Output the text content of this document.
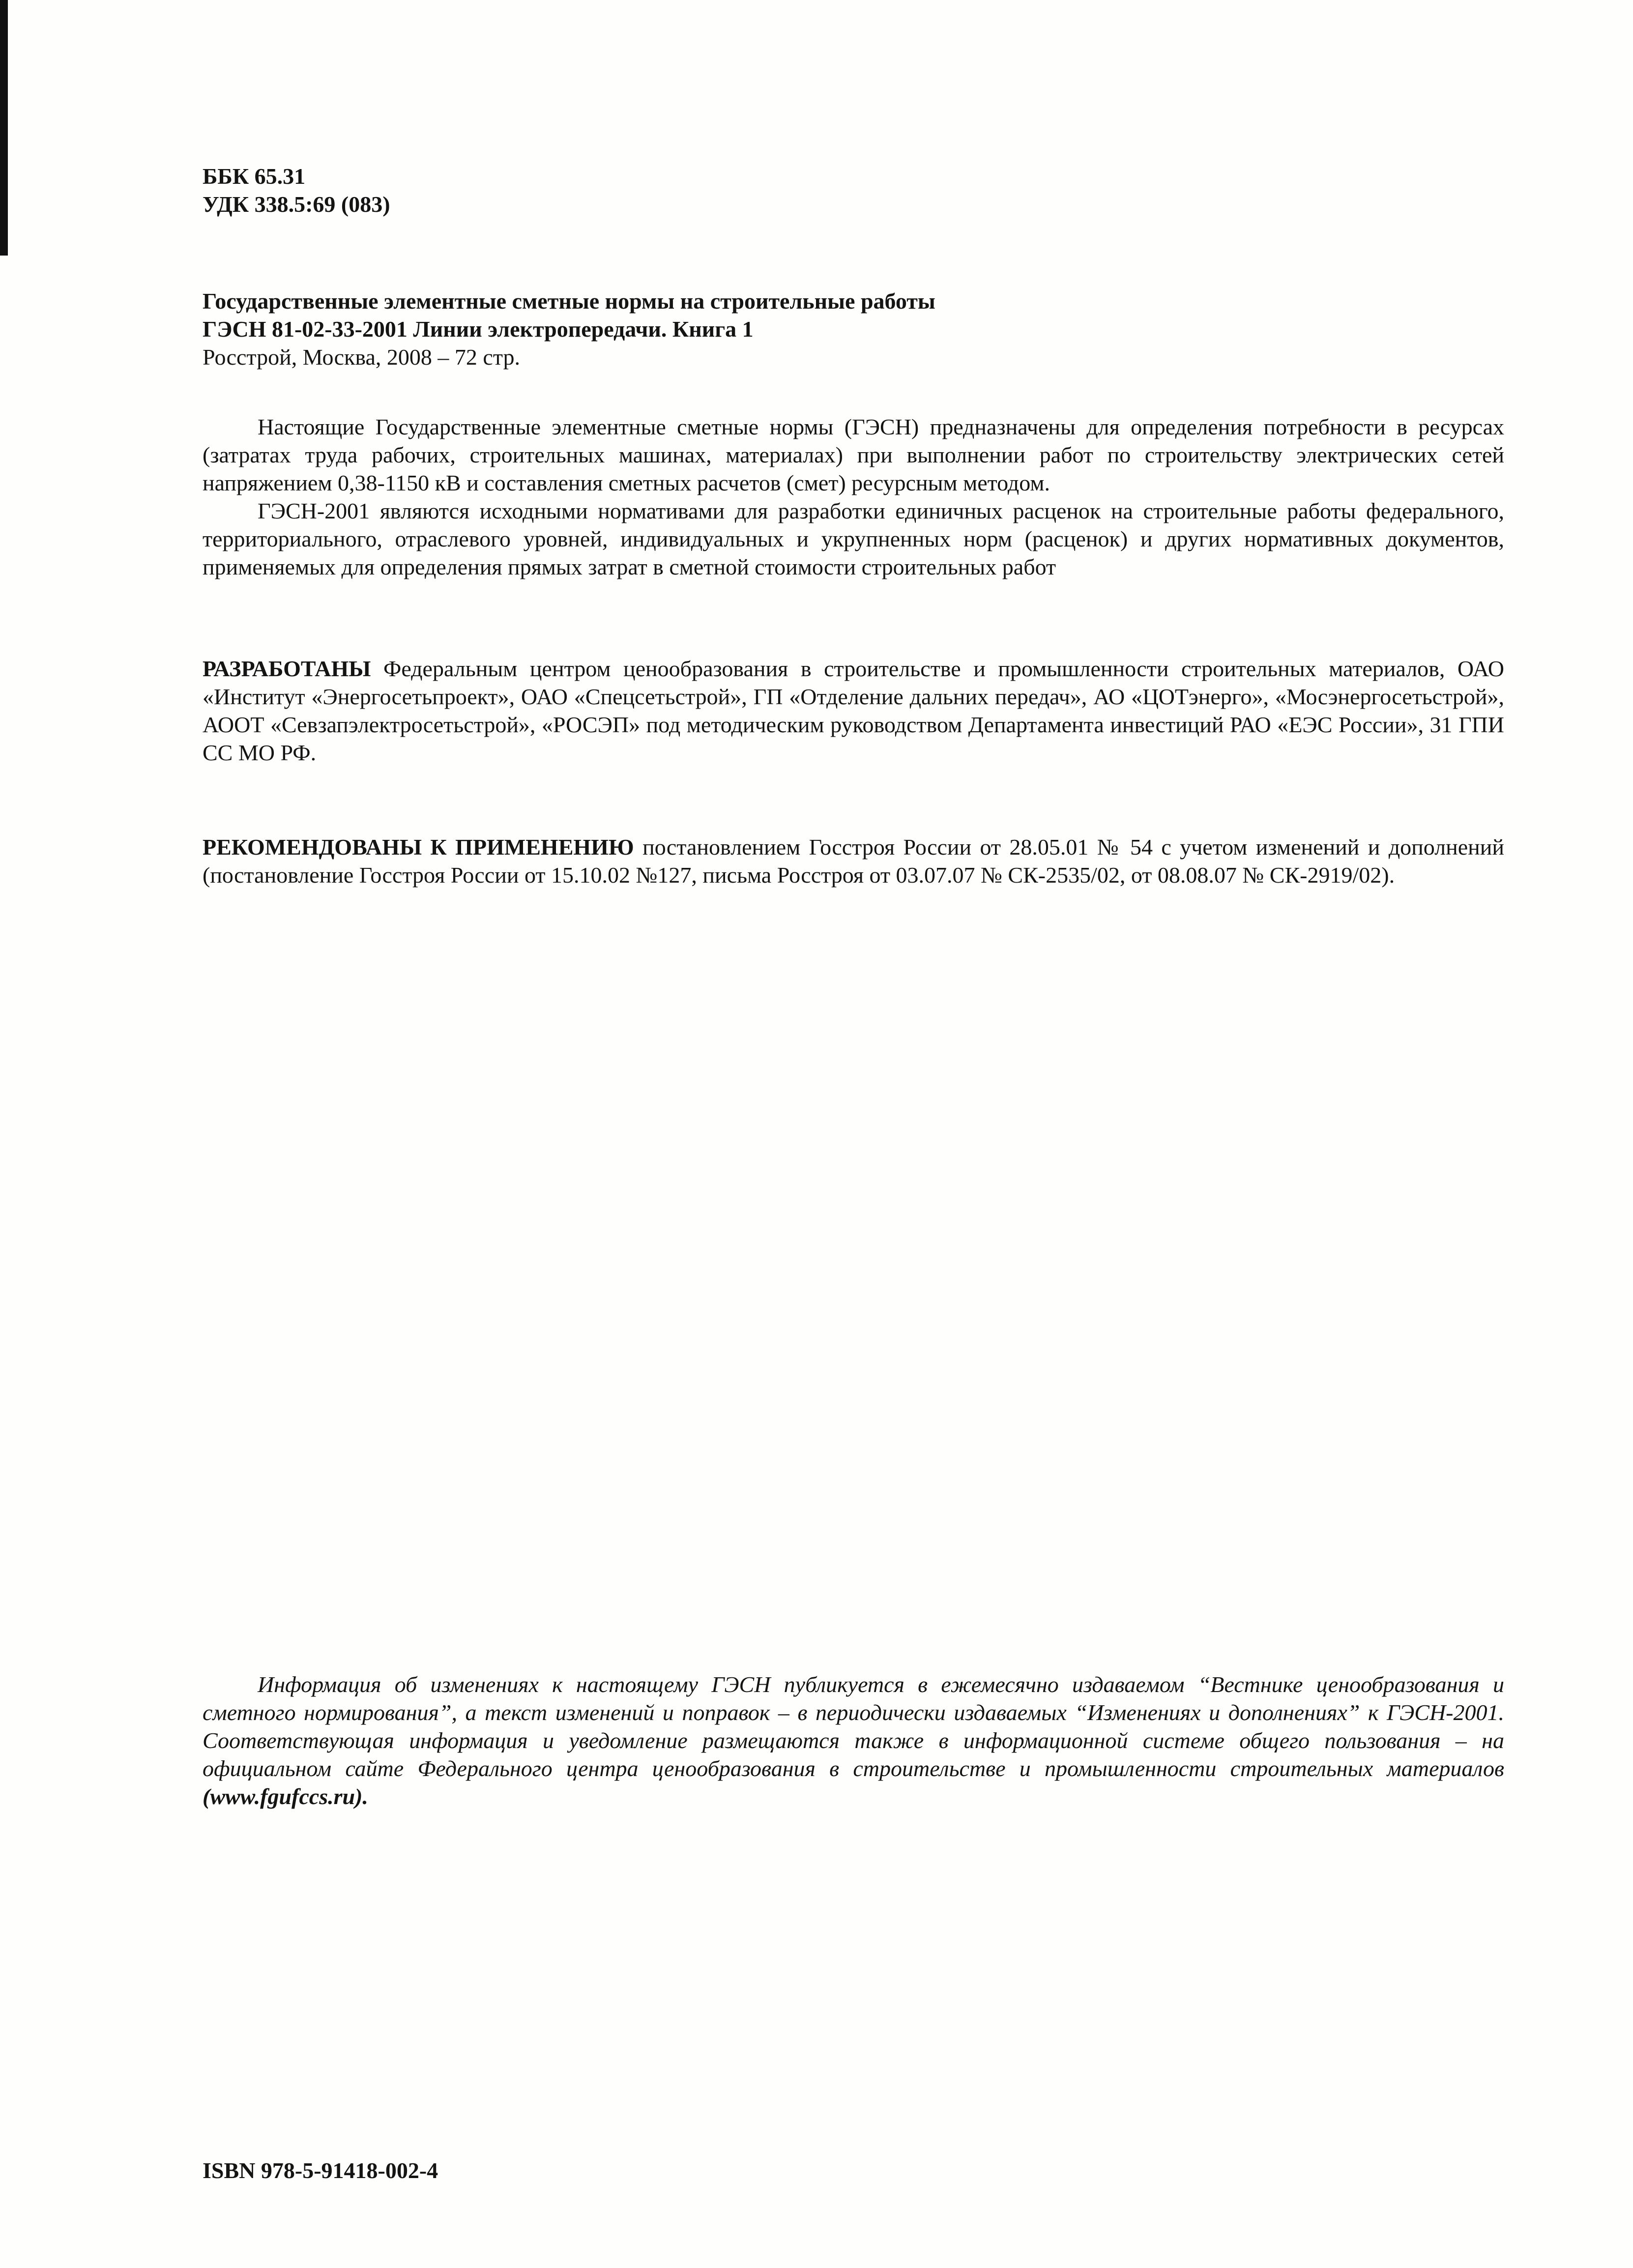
ББК 65.31
УДК 338.5:69 (083)
Государственные элементные сметные нормы на строительные работы
ГЭСН 81-02-33-2001 Линии электропередачи. Книга 1
Росстрой, Москва, 2008 – 72 стр.

Настоящие Государственные элементные сметные нормы (ГЭСН) предназначены для определения потребности в ресурсах (затратах труда рабочих, строительных машинах, материалах) при выполнении работ по строительству электрических сетей напряжением 0,38-1150 кВ и составления сметных расчетов (смет) ресурсным методом.

ГЭСН-2001 являются исходными нормативами для разработки единичных расценок на строительные работы федерального, территориального, отраслевого уровней, индивидуальных и укрупненных норм (расценок) и других нормативных документов, применяемых для определения прямых затрат в сметной стоимости строительных работ

РАЗРАБОТАНЫ Федеральным центром ценообразования в строительстве и промышленности строительных материалов, ОАО «Институт «Энергосетьпроект», ОАО «Спецсетьстрой», ГП «Отделение дальних передач», АО «ЦОТэнерго», «Мосэнергосетьстрой», АООТ «Севзапэлектросетьстрой», «РОСЭП» под методическим руководством Департамента инвестиций РАО «ЕЭС России», 31 ГПИ СС МО РФ.
РЕКОМЕНДОВАНЫ К ПРИМЕНЕНИЮ постановлением Госстроя России от 28.05.01 № 54 с учетом изменений и дополнений (постановление Госстроя России от 15.10.02 №127, письма Росстроя от 03.07.07 № СК-2535/02, от 08.08.07 № СК-2919/02).
Информация об изменениях к настоящему ГЭСН публикуется в ежемесячно издаваемом “Вестнике ценообразования и сметного нормирования”, а текст изменений и поправок – в периодически издаваемых “Изменениях и дополнениях” к ГЭСН-2001. Соответствующая информация и уведомление размещаются также в информационной системе общего пользования – на официальном сайте Федерального центра ценообразования в строительстве и промышленности строительных материалов (www.fgufccs.ru).
ISBN 978-5-91418-002-4
